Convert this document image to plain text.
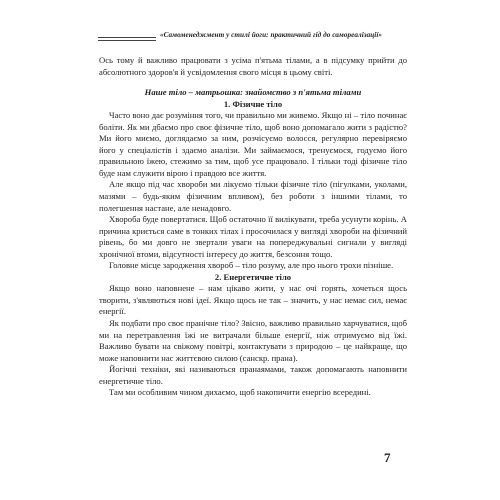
«Самоменеджмент у стилі йоги: практичний гід до самореалізації»

Ось тому й важливо працювати з усіма п'ятьма тілами, а в підсумку прийти до абсолютного здоров'я й усвідомлення свого місця в цьому світі.

Наше тіло – матрьошка: знайомство з п'ятьма тілами

1. Фізичне тіло

Часто воно дає розуміння того, чи правильно ми живемо. Якщо ні – тіло починає боліти. Як ми дбаємо про своє фізичне тіло, щоб воно допомагало жити з радістю? Ми його миємо, доглядаємо за ним, розчісуємо волосся, регулярно перевіряємо його у спеціалістів і здаємо аналізи. Ми займаємося, тренуємося, годуємо його правильною їжею, стежимо за тим, щоб усе працювало. І тільки тоді фізичне тіло буде нам служити вірою і правдою все життя.

Але якщо під час хвороби ми лікуємо тільки фізичне тіло (пігулками, уколами, мазями – будь-яким фізичним впливом), без роботи з іншими тілами, то полегшення настане, але ненадовго.

Хвороба буде повертатися. Щоб остаточно її вилікувати, треба усунути корінь. А причина криється саме в тонких тілах і просочилася у вигляді хвороби на фізичний рівень, бо ми довго не звертали уваги на попереджувальні сигнали у вигляді хронічної втоми, відсутності інтересу до життя, безсоння тощо.

Головне місце зародження хвороб – тіло розуму, але про нього трохи пізніше.

2. Енергетичне тіло

Якщо воно наповнене – нам цікаво жити, у нас очі горять, хочеться щось творити, з'являються нові ідеї. Якщо щось не так – значить, у нас немає сил, немає енергії.

Як подбати про своє пранічне тіло? Звісно, важливо правильно харчуватися, щоб ми на перетравлення їжі не витрачали більше енергії, ніж отримуємо від їжі. Важливо бувати на свіжому повітрі, контактувати з природою – це найкраще, що може наповнити нас життєвою силою (санскр. прана).

Йогічні техніки, які називаються пранаямами, також допомагають наповнити енергетичне тіло.

Там ми особливим чином дихаємо, щоб накопичити енергію всередині.

7
